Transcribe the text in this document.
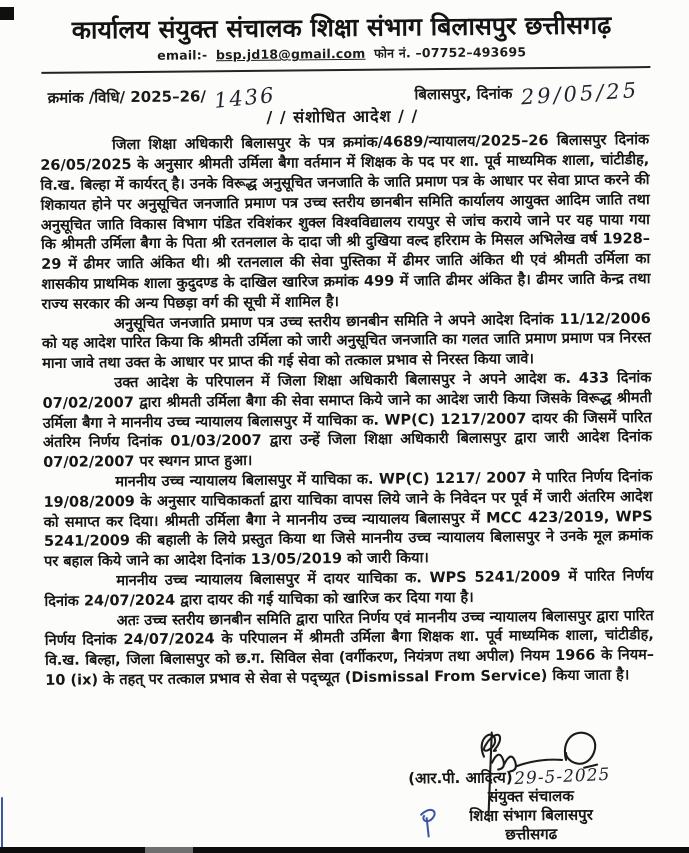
कार्यालय संयुक्त संचालक शिक्षा संभाग बिलासपुर छत्तीसगढ़
email:- bsp.jd18@gmail.com फोन नं. –07752–493695
क्रमांक /विधि/ 2025–26/ 1436	बिलासपुर, दिनांक 29/05/25
/ / संशोधित आदेश / /

जिला शिक्षा अधिकारी बिलासपुर के पत्र क्रमांक/4689/न्यायालय/2025–26 बिलासपुर दिनांक 26/05/2025 के अनुसार श्रीमती उर्मिला बैगा वर्तमान में शिक्षक के पद पर शा. पूर्व माध्यमिक शाला, चांटीडीह, वि.ख. बिल्हा में कार्यरत् है। उनके विरूद्ध अनुसूचित जनजाति के जाति प्रमाण पत्र के आधार पर सेवा प्राप्त करने की शिकायत होने पर अनुसूचित जनजाति प्रमाण पत्र उच्च स्तरीय छानबीन समिति कार्यालय आयुक्त आदिम जाति तथा अनुसूचित जाति विकास विभाग पंडित रविशंकर शुक्ल विश्वविद्यालय रायपुर से जांच कराये जाने पर यह पाया गया कि श्रीमती उर्मिला बैगा के पिता श्री रतनलाल के दादा जी श्री दुखिया वल्द हरिराम के मिसल अभिलेख वर्ष 1928–29 में ढीमर जाति अंकित थी। श्री रतनलाल की सेवा पुस्तिका में ढीमर जाति अंकित थी एवं श्रीमती उर्मिला का शासकीय प्राथमिक शाला कुदुदण्ड के दाखिल खारिज क्रमांक 499 में जाति ढीमर अंकित है। ढीमर जाति केन्द्र तथा राज्य सरकार की अन्य पिछड़ा वर्ग की सूची में शामिल है।

अनुसूचित जनजाति प्रमाण पत्र उच्च स्तरीय छानबीन समिति ने अपने आदेश दिनांक 11/12/2006 को यह आदेश पारित किया कि श्रीमती उर्मिला को जारी अनुसूचित जनजाति का गलत जाति प्रमाण प्रमाण पत्र निरस्त माना जावे तथा उक्त के आधार पर प्राप्त की गई सेवा को तत्काल प्रभाव से निरस्त किया जावे।

उक्त आदेश के परिपालन में जिला शिक्षा अधिकारी बिलासपुर ने अपने आदेश क. 433 दिनांक 07/02/2007 द्वारा श्रीमती उर्मिला बैगा की सेवा समाप्त किये जाने का आदेश जारी किया जिसके विरूद्ध श्रीमती उर्मिला बैगा ने माननीय उच्च न्यायालय बिलासपुर में याचिका क. WP(C) 1217/2007 दायर की जिसमें पारित अंतरिम निर्णय दिनांक 01/03/2007 द्वारा उन्हें जिला शिक्षा अधिकारी बिलासपुर द्वारा जारी आदेश दिनांक 07/02/2007 पर स्थगन प्राप्त हुआ।

माननीय उच्च न्यायालय बिलासपुर में याचिका क. WP(C) 1217/ 2007 मे पारित निर्णय दिनांक 19/08/2009 के अनुसार याचिकाकर्ता द्वारा याचिका वापस लिये जाने के निवेदन पर पूर्व में जारी अंतरिम आदेश को समाप्त कर दिया। श्रीमती उर्मिला बैगा ने माननीय उच्च न्यायालय बिलासपुर में MCC 423/2019, WPS 5241/2009 की बहाली के लिये प्रस्तुत किया था जिसे माननीय उच्च न्यायालय बिलासपुर ने उनके मूल क्रमांक पर बहाल किये जाने का आदेश दिनांक 13/05/2019 को जारी किया।

माननीय उच्च न्यायालय बिलासपुर में दायर याचिका क. WPS 5241/2009 में पारित निर्णय दिनांक 24/07/2024 द्वारा दायर की गई याचिका को खारिज कर दिया गया है।

अतः उच्च स्तरीय छानबीन समिति द्वारा पारित निर्णय एवं माननीय उच्च न्यायालय बिलासपुर द्वारा पारित निर्णय दिनांक 24/07/2024 के परिपालन में श्रीमती उर्मिला बैगा शिक्षक शा. पूर्व माध्यमिक शाला, चांटीडीह, वि.ख. बिल्हा, जिला बिलासपुर को छ.ग. सिविल सेवा (वर्गीकरण, नियंत्रण तथा अपील) नियम 1966 के नियम–10 (ix) के तहत् पर तत्काल प्रभाव से सेवा से पद्च्यूत (Dismissal From Service) किया जाता है।

(आर.पी. आदित्य) 29-5-2025
संयुक्त संचालक
शिक्षा संभाग बिलासपुर
छत्तीसगढ
